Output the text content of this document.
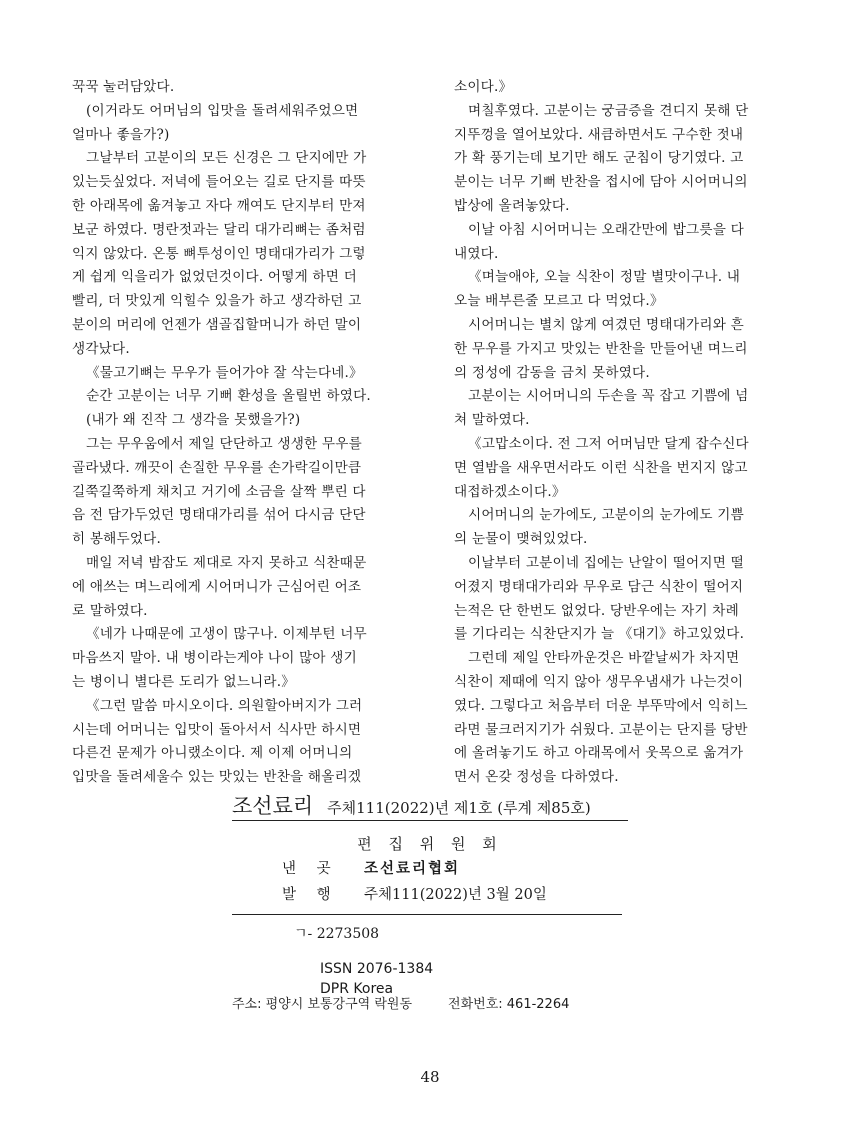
꾹꾹 눌러담았다.

(이거라도 어머님의 입맛을 돌려세워주었으면

얼마나 좋을가?)

그날부터 고분이의 모든 신경은 그 단지에만 가

있는듯싶었다. 저녁에 들어오는 길로 단지를 따뜻

한 아래목에 옮겨놓고 자다 깨여도 단지부터 만져

보군 하였다. 명란젓과는 달리 대가리뼈는 좀처럼

익지 않았다. 온통 뼈투성이인 명태대가리가 그렇

게 쉽게 익을리가 없었던것이다. 어떻게 하면 더

빨리, 더 맛있게 익힐수 있을가 하고 생각하던 고

분이의 머리에 언젠가 샘골집할머니가 하던 말이

생각났다.

《물고기뼈는 무우가 들어가야 잘 삭는다네.》

순간 고분이는 너무 기뻐 환성을 올릴번 하였다.

(내가 왜 진작 그 생각을 못했을가?)

그는 무우움에서 제일 단단하고 생생한 무우를

골라냈다. 깨끗이 손질한 무우를 손가락길이만큼

길쭉길쭉하게 채치고 거기에 소금을 살짝 뿌린 다

음 전 담가두었던 명태대가리를 섞어 다시금 단단

히 봉해두었다.

매일 저녁 밤잠도 제대로 자지 못하고 식찬때문

에 애쓰는 며느리에게 시어머니가 근심어린 어조

로 말하였다.

《네가 나때문에 고생이 많구나. 이제부턴 너무

마음쓰지 말아. 내 병이라는게야 나이 많아 생기

는 병이니 별다른 도리가 없느니라.》

《그런 말씀 마시오이다. 의원할아버지가 그러

시는데 어머니는 입맛이 돌아서서 식사만 하시면

다른건 문제가 아니랬소이다. 제 이제 어머니의

입맛을 돌려세울수 있는 맛있는 반찬을 해올리겠

소이다.》

며칠후였다. 고분이는 궁금증을 견디지 못해 단

지뚜껑을 열어보았다. 새큼하면서도 구수한 젓내

가 확 풍기는데 보기만 해도 군침이 당기였다. 고

분이는 너무 기뻐 반찬을 접시에 담아 시어머니의

밥상에 올려놓았다.

이날 아침 시어머니는 오래간만에 밥그릇을 다

내였다.

《며늘애야, 오늘 식찬이 정말 별맛이구나. 내

오늘 배부른줄 모르고 다 먹었다.》

시어머니는 별치 않게 여겼던 명태대가리와 흔

한 무우를 가지고 맛있는 반찬을 만들어낸 며느리

의 정성에 감동을 금치 못하였다.

고분이는 시어머니의 두손을 꼭 잡고 기쁨에 넘

쳐 말하였다.

《고맙소이다. 전 그저 어머님만 달게 잡수신다

면 열밤을 새우면서라도 이런 식찬을 번지지 않고

대접하겠소이다.》

시어머니의 눈가에도, 고분이의 눈가에도 기쁨

의 눈물이 맺혀있었다.

이날부터 고분이네 집에는 난알이 떨어지면 떨

어졌지 명태대가리와 무우로 담근 식찬이 떨어지

는적은 단 한번도 없었다. 당반우에는 자기 차례

를 기다리는 식찬단지가 늘 《대기》하고있었다.

그런데 제일 안타까운것은 바깥날씨가 차지면

식찬이 제때에 익지 않아 생무우냄새가 나는것이

였다. 그렇다고 처음부터 더운 부뚜막에서 익히느

라면 물크러지기가 쉬웠다. 고분이는 단지를 당반

에 올려놓기도 하고 아래목에서 웃목으로 옮겨가

면서 온갖 정성을 다하였다.

조선료리 주체111(2022)년 제1호 (루계 제85호)
편 집 위 원 회
낸 곳 조선료리협회
발 행 주체111(2022)년 3월 20일
ㄱ- 2273508
ISSN 2076-1384
DPR Korea
주소: 평양시 보통강구역 락원동	전화번호: 461-2264
48
